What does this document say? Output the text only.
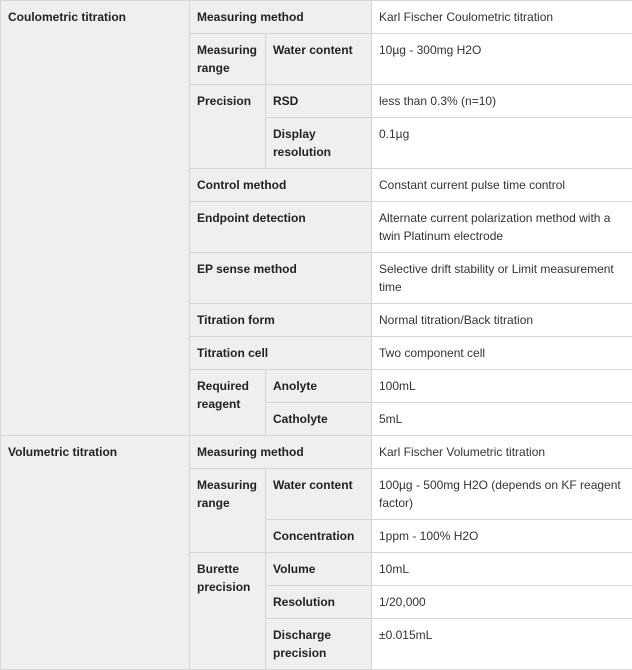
Coulometric titration	Measuring method		Karl Fischer Coulometric titration
	Measuring range	Water content	10µg - 300mg H2O
	Precision	RSD	less than 0.3% (n=10)
		Display resolution	0.1µg
	Control method		Constant current pulse time control
	Endpoint detection		Alternate current polarization method with a twin Platinum electrode
	EP sense method		Selective drift stability or Limit measurement time
	Titration form		Normal titration/Back titration
	Titration cell		Two component cell
	Required reagent	Anolyte	100mL
		Catholyte	5mL
Volumetric titration	Measuring method		Karl Fischer Volumetric titration
	Measuring range	Water content	100µg - 500mg H2O (depends on KF reagent factor)
		Concentration	1ppm - 100% H2O
	Burette precision	Volume	10mL
		Resolution	1/20,000
		Discharge precision	±0.015mL
